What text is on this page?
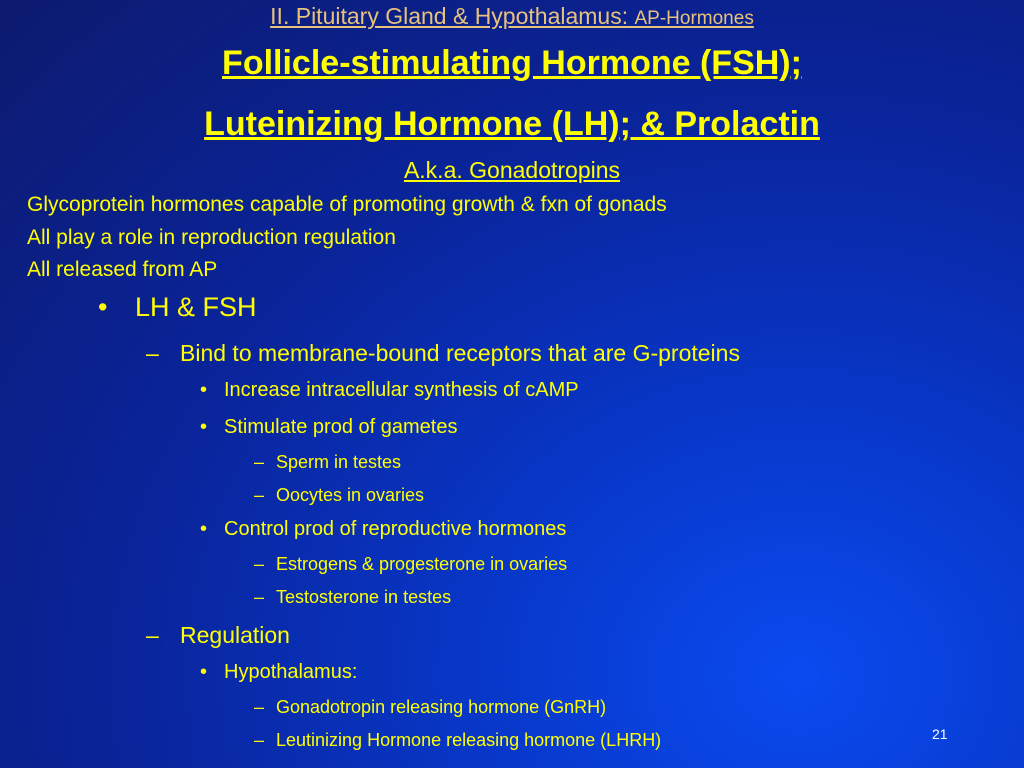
II. Pituitary Gland & Hypothalamus: AP-Hormones
Follicle-stimulating Hormone (FSH);
Luteinizing Hormone (LH); & Prolactin
A.k.a. Gonadotropins
Glycoprotein hormones capable of promoting growth & fxn of gonads
All play a role in reproduction regulation
All released from AP
• LH & FSH
– Bind to membrane-bound receptors that are G-proteins
• Increase intracellular synthesis of cAMP
• Stimulate prod of gametes
– Sperm in testes
– Oocytes in ovaries
• Control prod of reproductive hormones
– Estrogens & progesterone in ovaries
– Testosterone in testes
– Regulation
• Hypothalamus:
– Gonadotropin releasing hormone (GnRH)
– Leutinizing Hormone releasing hormone (LHRH)	21
